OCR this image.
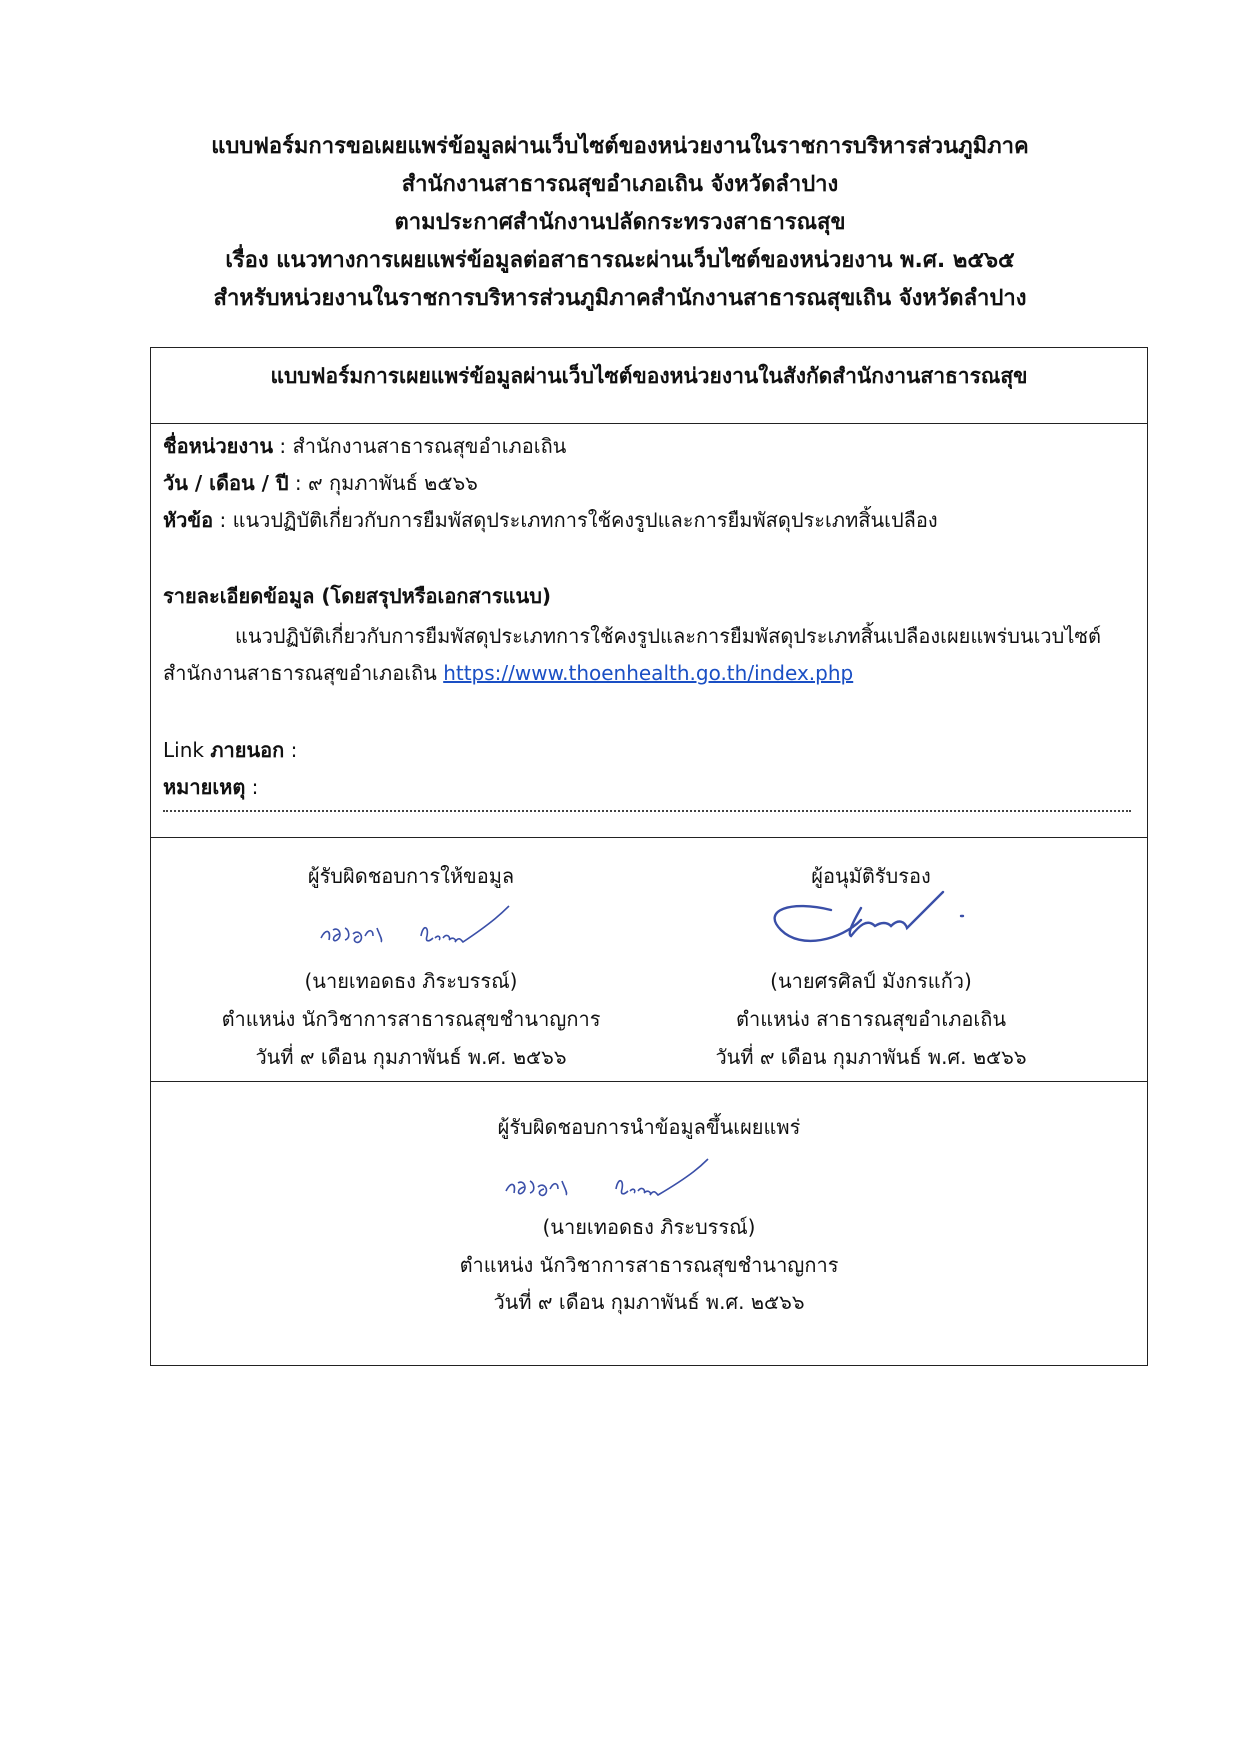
แบบฟอร์มการขอเผยแพร่ข้อมูลผ่านเว็บไซต์ของหน่วยงานในราชการบริหารส่วนภูมิภาค
สำนักงานสาธารณสุขอำเภอเถิน จังหวัดลำปาง
ตามประกาศสำนักงานปลัดกระทรวงสาธารณสุข
เรื่อง แนวทางการเผยแพร่ข้อมูลต่อสาธารณะผ่านเว็บไซต์ของหน่วยงาน พ.ศ. ๒๕๖๕
สำหรับหน่วยงานในราชการบริหารส่วนภูมิภาคสำนักงานสาธารณสุขเถิน จังหวัดลำปาง
แบบฟอร์มการเผยแพร่ข้อมูลผ่านเว็บไซต์ของหน่วยงานในสังกัดสำนักงานสาธารณสุข
ชื่อหน่วยงาน : สำนักงานสาธารณสุขอำเภอเถิน
วัน / เดือน / ปี : ๙ กุมภาพันธ์ ๒๕๖๖
หัวข้อ : แนวปฏิบัติเกี่ยวกับการยืมพัสดุประเภทการใช้คงรูปและการยืมพัสดุประเภทสิ้นเปลือง
รายละเอียดข้อมูล (โดยสรุปหรือเอกสารแนบ)
แนวปฏิบัติเกี่ยวกับการยืมพัสดุประเภทการใช้คงรูปและการยืมพัสดุประเภทสิ้นเปลืองเผยแพร่บนเวบไซต์
สำนักงานสาธารณสุขอำเภอเถิน https://www.thoenhealth.go.th/index.php
Link ภายนอก :
หมายเหตุ :
ผู้รับผิดชอบการให้ขอมูล
(นายเทอดธง ภิระบรรณ์)
ตำแหน่ง นักวิชาการสาธารณสุขชำนาญการ
วันที่ ๙ เดือน กุมภาพันธ์ พ.ศ. ๒๕๖๖
ผู้อนุมัติรับรอง
(นายศรศิลป์ มังกรแก้ว)
ตำแหน่ง สาธารณสุขอำเภอเถิน
วันที่ ๙ เดือน กุมภาพันธ์ พ.ศ. ๒๕๖๖
ผู้รับผิดชอบการนำข้อมูลขึ้นเผยแพร่
(นายเทอดธง ภิระบรรณ์)
ตำแหน่ง นักวิชาการสาธารณสุขชำนาญการ
วันที่ ๙ เดือน กุมภาพันธ์ พ.ศ. ๒๕๖๖
